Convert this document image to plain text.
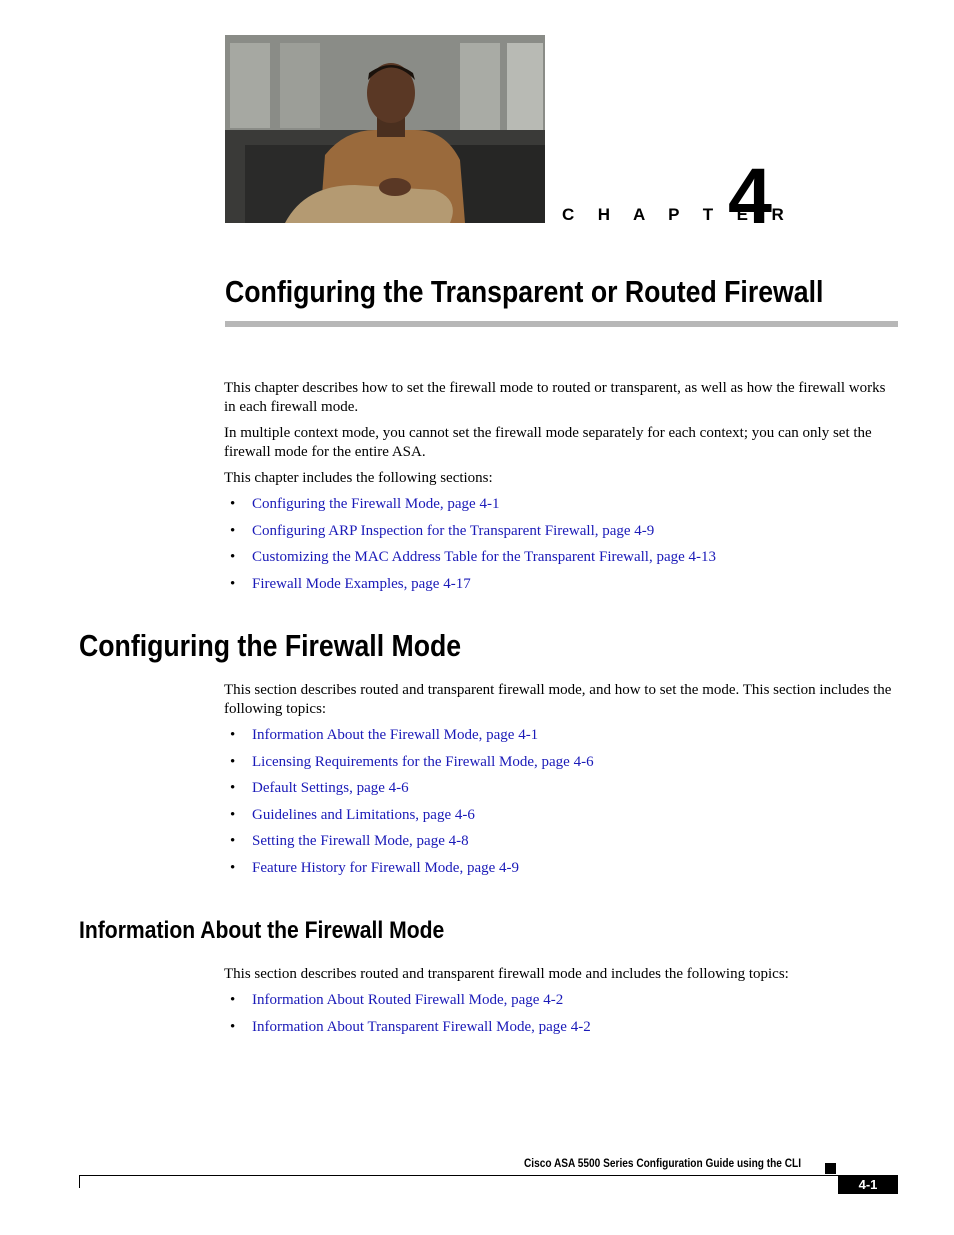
C H A P T E R
4
Configuring the Transparent or Routed Firewall
This chapter describes how to set the firewall mode to routed or transparent, as well as how the firewall works in each firewall mode.
In multiple context mode, you cannot set the firewall mode separately for each context; you can only set the firewall mode for the entire ASA.
This chapter includes the following sections:
• Configuring the Firewall Mode, page 4-1
• Configuring ARP Inspection for the Transparent Firewall, page 4-9
• Customizing the MAC Address Table for the Transparent Firewall, page 4-13
• Firewall Mode Examples, page 4-17
Configuring the Firewall Mode
This section describes routed and transparent firewall mode, and how to set the mode. This section includes the following topics:
• Information About the Firewall Mode, page 4-1
• Licensing Requirements for the Firewall Mode, page 4-6
• Default Settings, page 4-6
• Guidelines and Limitations, page 4-6
• Setting the Firewall Mode, page 4-8
• Feature History for Firewall Mode, page 4-9
Information About the Firewall Mode
This section describes routed and transparent firewall mode and includes the following topics:
• Information About Routed Firewall Mode, page 4-2
• Information About Transparent Firewall Mode, page 4-2
Cisco ASA 5500 Series Configuration Guide using the CLI
4-1
